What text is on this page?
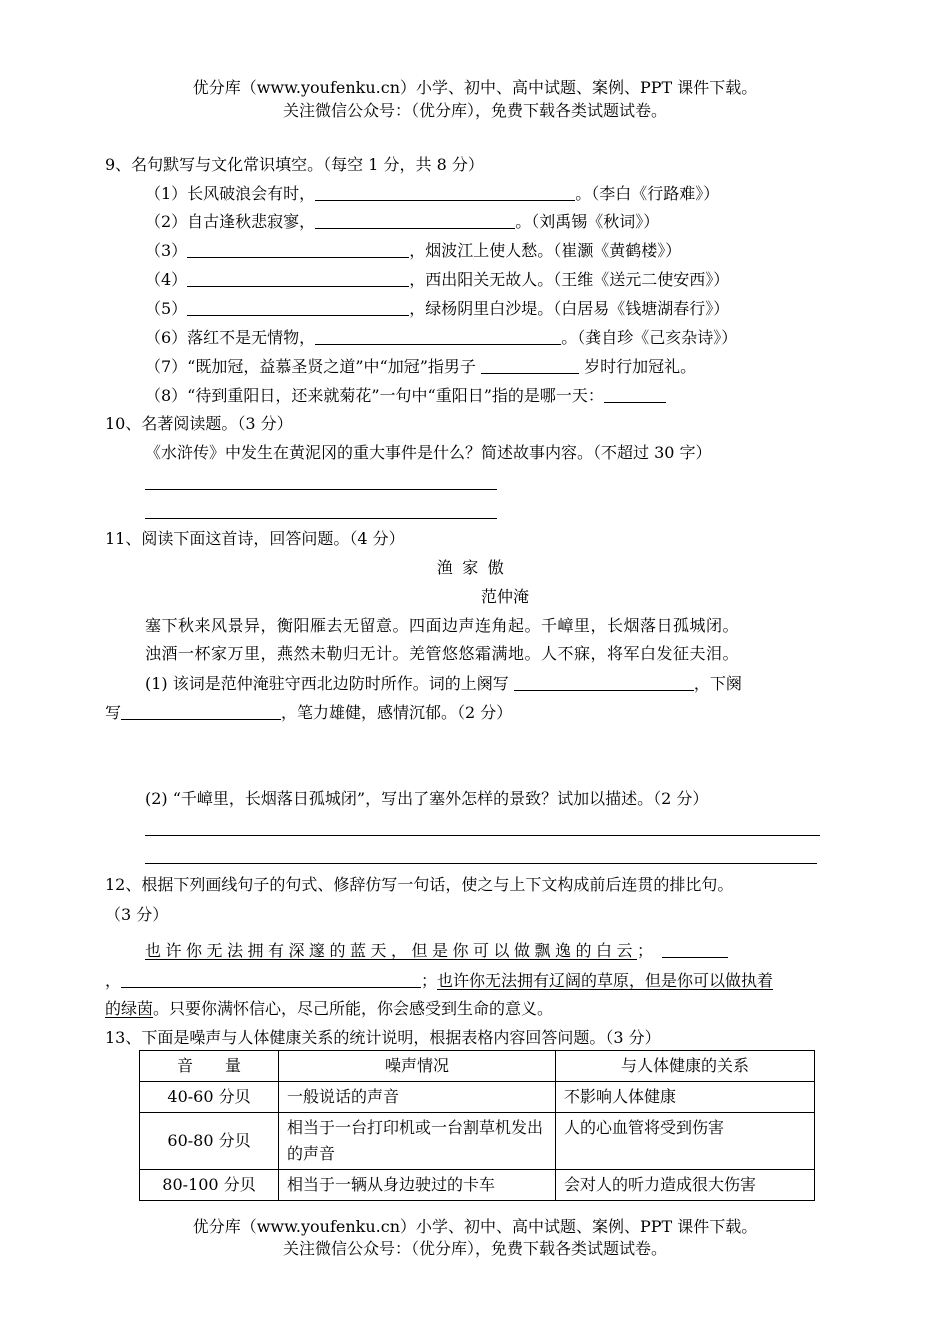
优分库（www.youfenku.cn）小学、初中、高中试题、案例、PPT 课件下载。
关注微信公众号：（优分库），免费下载各类试题试卷。
9、名句默写与文化常识填空。（每空 1 分，共 8 分）
（1）长风破浪会有时，	。（李白《行路难》）
（2）自古逢秋悲寂寥，	。（刘禹锡《秋词》）
（3）	，烟波江上使人愁。（崔灏《黄鹤楼》）
（4）	，西出阳关无故人。（王维《送元二使安西》）
（5）	，绿杨阴里白沙堤。（白居易《钱塘湖春行》）
（6）落红不是无情物，	。（龚自珍《己亥杂诗》）
（7）“既加冠，益慕圣贤之道”中“加冠”指男子	岁时行加冠礼。
（8）“待到重阳日，还来就菊花”一句中“重阳日”指的是哪一天：
10、名著阅读题。（3 分）
《水浒传》中发生在黄泥冈的重大事件是什么？简述故事内容。（不超过 30 字）
11、阅读下面这首诗，回答问题。（4 分）
渔家傲
范仲淹
塞下秋来风景异，衡阳雁去无留意。四面边声连角起。千嶂里，长烟落日孤城闭。
浊酒一杯家万里，燕然未勒归无计。羌管悠悠霜满地。人不寐，将军白发征夫泪。
(1) 该词是范仲淹驻守西北边防时所作。词的上阕写	，下阕
写	，笔力雄健，感情沉郁。（2 分）
(2) “千嶂里，长烟落日孤城闭”，写出了塞外怎样的景致？试加以描述。（2 分）
12、根据下列画线句子的句式、修辞仿写一句话，使之与上下文构成前后连贯的排比句。
（3 分）
也许你无法拥有深邃的蓝天，但是你可以做飘逸的白云；
，	；也许你无法拥有辽阔的草原，但是你可以做执着
的绿茵。只要你满怀信心，尽己所能，你会感受到生命的意义。
13、下面是噪声与人体健康关系的统计说明，根据表格内容回答问题。（3 分）
音　　量	噪声情况	与人体健康的关系
40-60 分贝	一般说话的声音	不影响人体健康
60-80 分贝	相当于一台打印机或一台割草机发出的声音	人的心血管将受到伤害
80-100 分贝	相当于一辆从身边驶过的卡车	会对人的听力造成很大伤害
优分库（www.youfenku.cn）小学、初中、高中试题、案例、PPT 课件下载。
关注微信公众号：（优分库），免费下载各类试题试卷。
